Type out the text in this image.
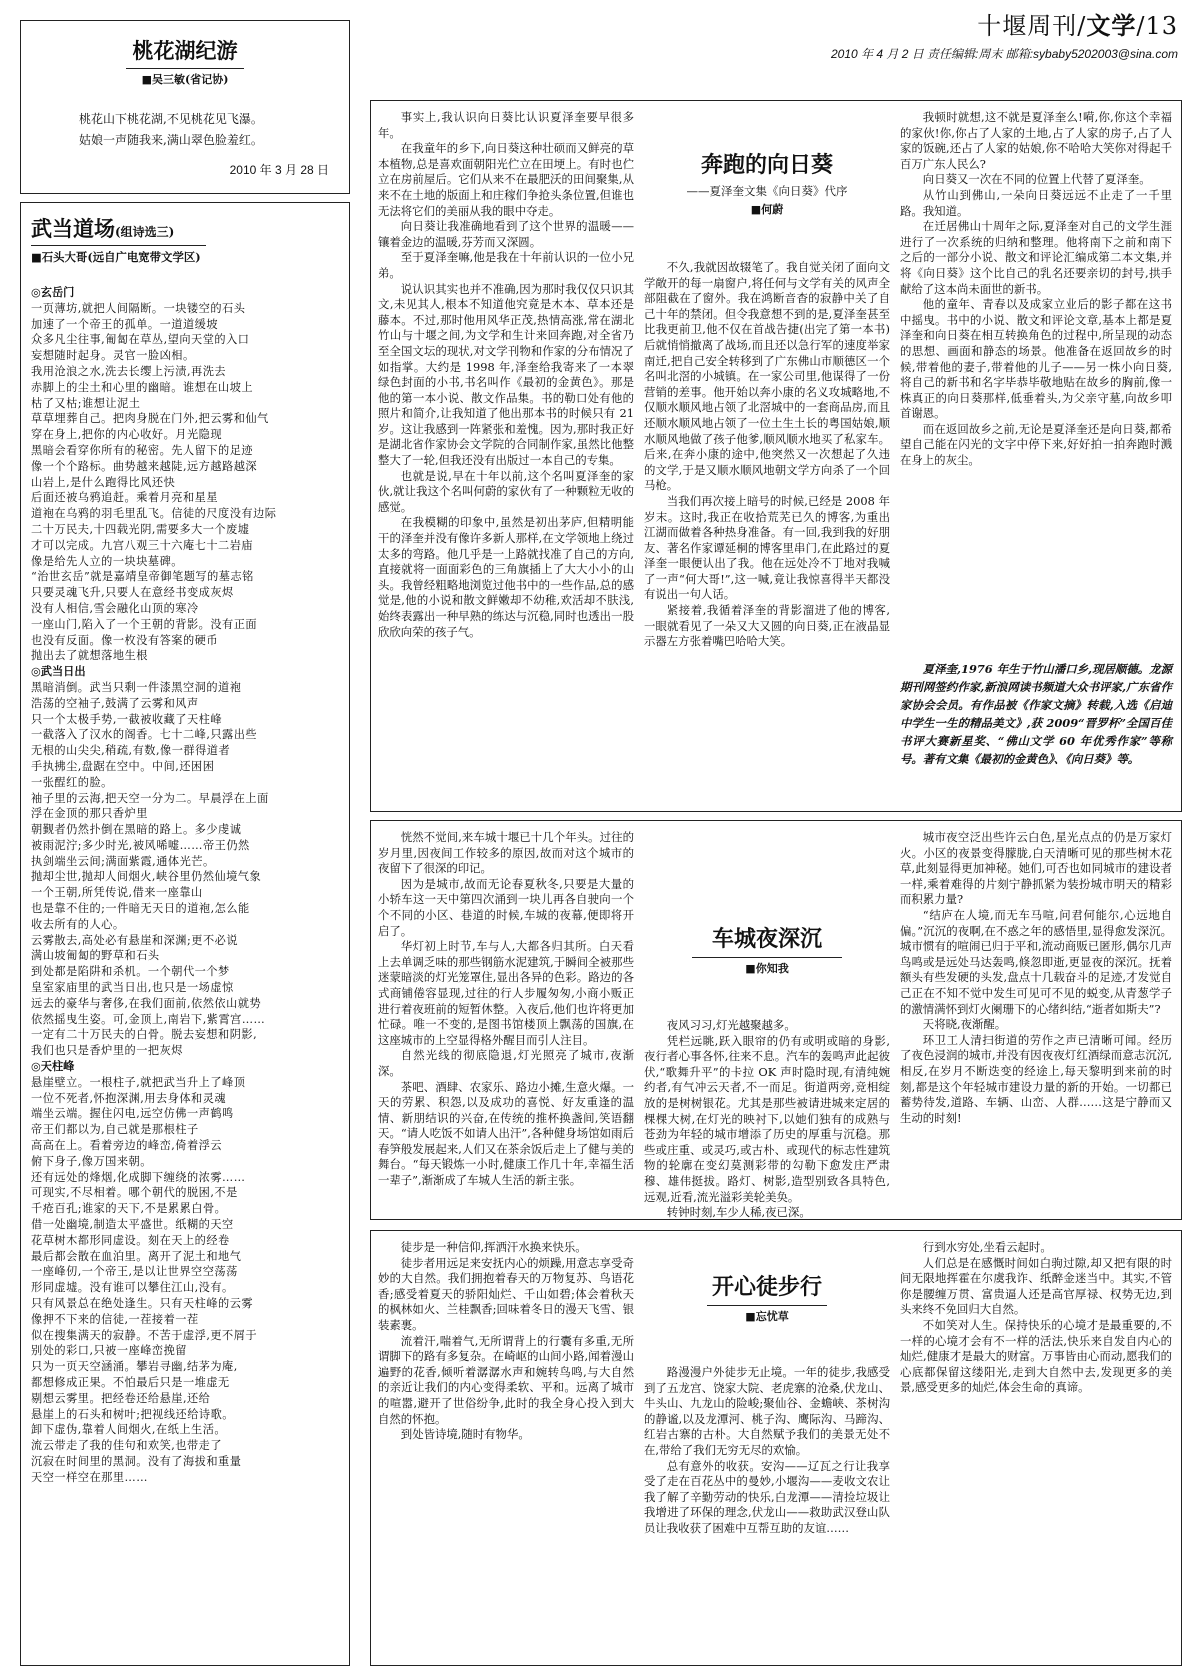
十堰周刊/文学/13
2010 年 4 月 2 日 责任编辑:周末 邮箱:sybaby5202003@sina.com
桃花湖纪游
■吴三敏(省记协)
桃花山下桃花湖,不见桃花见飞瀑。
姑娘一声随我来,满山翠色脸羞红。
2010 年 3 月 28 日
武当道场(组诗选三)
■石头大哥(远自广电宽带文学区)

◎玄岳门

一页薄坊,就把人间隔断。一块镂空的石头

加速了一个帝王的孤单。一道道缓坡

众多凡尘往事,匍匐在草丛,望向天堂的入口

妄想随时起身。灵官一脸凶相。

我用沧浪之水,洗去长缨上污渍,再洗去

赤脚上的尘土和心里的幽暗。谁想在山坡上

枯了又枯;谁想让泥土

草草埋葬自己。把肉身脱在门外,把云雾和仙气

穿在身上,把你的内心收好。月光隐现

黑暗会看穿你所有的秘密。先人留下的足迹

像一个个路标。曲势越来越陡,远方越路越深

山岩上,是什么跑得比风还快

后面还被乌鸦追赶。乘着月亮和星星

道袍在乌鸦的羽毛里乱飞。信徒的尺度没有边际

二十万民夫,十四载光阴,需要多大一个废墟

才可以完成。九宫八观三十六庵七十二岩庙

像是给先人立的一块块墓碑。

“治世玄岳”就是嘉靖皇帝御笔题写的墓志铭

只要灵魂飞升,只要人在意经书变成灰烬

没有人相信,雪会融化山顶的寒冷

一座山门,陷入了一个王朝的背影。没有正面

也没有反面。像一枚没有答案的硬币

抛出去了就想落地生根

◎武当日出

黑暗消倒。武当只剩一件漆黑空洞的道袍

浩荡的空袖子,鼓满了云雾和风声

只一个太极手势,一截被收藏了天柱峰

一截落入了汉水的阁香。七十二峰,只露出些

无根的山尖尖,稍疏,有数,像一群得道者

手执拂尘,盘踞在空中。中间,还困困

一张酲红的脸。

袖子里的云海,把天空一分为二。早晨浮在上面

浮在金顶的那只香炉里

朝觐者仍然扑倒在黑暗的路上。多少虔诚

被雨泥泞;多少时光,被风唏嘘……帝王仍然

执剑端坐云间;满面紫霞,通体光芒。

抛却尘世,抛却人间烟火,峡谷里仍然仙境气象

一个王朝,所凭传说,借来一座靠山

也是靠不住的;一件暗无天日的道袍,怎么能

收去所有的人心。

云雾散去,高处必有悬崖和深渊;更不必说

满山坡匍匐的野草和石头

到处都是陷阱和杀机。一个朝代一个梦

皇室家庙里的武当日出,也只是一场虚惊

远去的豪华与奢侈,在我们面前,依然依山就势

依然摇曳生姿。可,金顶上,南岩下,紫霄宫……

一定有二十万民夫的白骨。脱去妄想和阴影,

我们也只是香炉里的一把灰烬

◎天柱峰

悬崖壁立。一根柱子,就把武当升上了峰顶

一位不死者,怀抱深渊,用去身体和灵魂

端坐云端。握住闪电,远空仿佛一声鹤鸣

帝王们都以为,自己就是那根柱子

高高在上。看着旁边的峰峦,倚着浮云

俯下身子,像万国来朝。

还有远处的烽烟,化成脚下缠绕的浓雾……

可现实,不尽相着。哪个朝代的脱困,不是

千疮百孔;谁家的天下,不是累累白骨。

借一处幽境,制造太平盛世。纸糊的天空

花草树木都形同虚设。刻在天上的经卷

最后都会散在血泊里。离开了泥土和地气

一座峰仞,一个帝王,是以让世界空空荡荡

形同虚墟。没有谁可以攀住江山,没有。

只有风景总在绝处逢生。只有天柱峰的云雾

像押不下来的信徒,一茬接着一茬

似在搜集满天的寂静。不苦于虚浮,更不屑于

别处的彩口,只被一座峰峦挽留

只为一页天空涵涌。攀岩寻幽,结茅为庵,

都想修成正果。不怕最后只是一堆虚无

剔想云雾里。把经卷还给悬崖,还给

悬崖上的石头和树叶;把视线还给诗歌。

卸下虚伪,靠着人间烟火,在纸上生活。

流云带走了我的佳句和欢笑,也带走了

沉寂在时间里的黑洞。没有了海拔和重量

天空一样空在那里……

事实上,我认识向日葵比认识夏泽奎要早很多年。

在我童年的乡下,向日葵这种壮硕而又鲜亮的草本植物,总是喜欢面朝阳光伫立在田埂上。有时也伫立在房前屋后。它们从来不在最肥沃的田间聚集,从来不在土地的版面上和庄稼们争抢头条位置,但谁也无法将它们的美丽从我的眼中夺走。

向日葵让我准确地看到了这个世界的温暖——镶着金边的温暖,芬芳而又深圆。

至于夏泽奎嘛,他是我在十年前认识的一位小兄弟。

说认识其实也并不准确,因为那时我仅仅只识其文,未见其人,根本不知道他究竟是木本、草本还是藤本。不过,那时他用风华正茂,热情高涨,常在湖北竹山与十堰之间,为文学和生计来回奔跑,对全省乃至全国文坛的现状,对文学刊物和作家的分布情况了如指掌。大约是 1998 年,泽奎给我寄来了一本翠绿色封面的小书,书名叫作《最初的金黄色》。那是他的第一本小说、散文作品集。书的勒口处有他的照片和简介,让我知道了他出那本书的时候只有 21 岁。这让我感到一阵紧张和羞愧。因为,那时我正好是湖北省作家协会文学院的合同制作家,虽然比他整整大了一轮,但我还没有出版过一本自己的专集。

也就是说,早在十年以前,这个名叫夏泽奎的家伙,就让我这个名叫何蔚的家伙有了一种颗粒无收的感觉。

在我模糊的印象中,虽然是初出茅庐,但精明能干的泽奎并没有像许多新人那样,在文学领地上绕过太多的弯路。他几乎是一上路就找准了自己的方向,直接就将一面面彩色的三角旗插上了大大小小的山头。我曾经粗略地浏览过他书中的一些作品,总的感觉是,他的小说和散文鲜嫩却不幼稚,欢活却不肤浅,始终表露出一种早熟的练达与沉稳,同时也透出一股欣欣向荣的孩子气。

奔跑的向日葵
——夏泽奎文集《向日葵》代序
■何蔚

不久,我就因故辍笔了。我自觉关闭了面向文学敞开的每一扇窗户,将任何与文学有关的风声全部阻截在了窗外。我在鸿断音杳的寂静中关了自己十年的禁闭。但令我意想不到的是,夏泽奎甚至比我更前卫,他不仅在首战告捷(出完了第一本书)后就悄悄撤离了战场,而且还以急行军的速度举家南迁,把自己安全转移到了广东佛山市顺德区一个名叫北滘的小城镇。在一家公司里,他谋得了一份营销的差事。他开始以奔小康的名义攻城略地,不仅顺水顺风地占领了北滘城中的一套商品房,而且还顺水顺风地占领了一位土生土长的粤国姑娘,顺水顺风地做了孩子他爹,顺风顺水地买了私家车。后来,在奔小康的途中,他突然又一次想起了久违的文学,于是又顺水顺风地朝文学方向杀了一个回马枪。

当我们再次接上暗号的时候,已经是 2008 年岁末。这时,我正在收拾荒芜已久的博客,为重出江湖而做着各种热身准备。有一回,我到我的好朋友、著名作家谭延桐的博客里串门,在此路过的夏泽奎一眼便认出了我。他在远处冷不丁地对我喊了一声“何大哥!”,这一喊,竟让我惊喜得半天都没有说出一句人话。

紧接着,我循着泽奎的背影溜进了他的博客,一眼就看见了一朵又大又圆的向日葵,正在液晶显示器左方张着嘴巴哈哈大笑。

我顿时就想,这不就是夏泽奎么!嗬,你,你这个幸福的家伙!你,你占了人家的土地,占了人家的房子,占了人家的饭碗,还占了人家的姑娘,你不哈哈大笑你对得起千百万广东人民么?

向日葵又一次在不同的位置上代替了夏泽奎。

从竹山到佛山,一朵向日葵远远不止走了一千里路。我知道。

在迁居佛山十周年之际,夏泽奎对自己的文学生涯进行了一次系统的归纳和整理。他将南下之前和南下之后的一部分小说、散文和评论汇编成第二本文集,并将《向日葵》这个比自己的乳名还要亲切的封号,拱手献给了这本尚未面世的新书。

他的童年、青春以及成家立业后的影子都在这书中摇曳。书中的小说、散文和评论文章,基本上都是夏泽奎和向日葵在相互转换角色的过程中,所呈现的动态的思想、画面和静态的场景。他准备在返回故乡的时候,带着他的妻子,带着他的儿子——另一株小向日葵,将自己的新书和名字毕恭毕敬地贴在故乡的胸前,像一株真正的向日葵那样,低垂着头,为父亲守墓,向故乡叩首谢恩。

而在返回故乡之前,无论是夏泽奎还是向日葵,都希望自己能在闪光的文字中停下来,好好拍一拍奔跑时溅在身上的灰尘。

夏泽奎,1976 年生于竹山潘口乡,现居顺德。龙源期刊网签约作家,新浪网读书频道大众书评家,广东省作家协会会员。有作品被《作家文摘》转载,入选《启迪中学生一生的精品美文》,获 2009“晋罗杯”全国百佳书评大赛新星奖、“佛山文学 60 年优秀作家”等称号。著有文集《最初的金黄色》、《向日葵》等。

恍然不觉间,来车城十堰已十几个年头。过往的岁月里,因夜间工作较多的原因,故而对这个城市的夜留下了很深的印记。

因为是城市,故而无论春夏秋冬,只要是大量的小轿车这一天中第四次涌到一块儿再各自驶向一个个不同的小区、巷道的时候,车城的夜幕,便即将开启了。

华灯初上时节,车与人,大都各归其所。白天看上去单调乏味的那些钢筋水泥建筑,于瞬间全被那些迷蒙暗淡的灯光笼罩住,显出各异的色彩。路边的各式商铺倦容显现,过往的行人步履匆匆,小商小贩正进行着夜班前的短暂休整。入夜后,他们也许将更加忙碌。唯一不变的,是图书馆楼顶上飘荡的国旗,在这座城市的上空显得格外醒目而引人注目。

自然光线的彻底隐退,灯光照亮了城市,夜渐深。

茶吧、酒肆、农家乐、路边小摊,生意火爆。一天的劳累、积怨,以及成功的喜悦、好友重逢的温情、新朋结识的兴奋,在传统的推杯换盏间,笑语翻天。“请人吃饭不如请人出汗”,各种健身场馆如雨后春笋般发展起来,人们又在茶余饭后走上了健与美的舞台。“每天锻炼一小时,健康工作几十年,幸福生活一辈子”,渐渐成了车城人生活的新主张。

车城夜深沉
■你知我

夜风习习,灯光越聚越多。

凭栏远眺,跃入眼帘的仍有或明或暗的身影,夜行者心事各怀,往来不息。汽车的轰鸣声此起彼伏,“歌舞升平”的卡拉 OK 声时隐时现,有清纯婉约者,有气冲云天者,不一而足。街道两旁,竞相绽放的是树树银花。尤其是那些被请进城来定居的棵棵大树,在灯光的映衬下,以她们独有的成熟与苍劲为年轻的城市增添了历史的厚重与沉稳。那些或庄重、或灵巧,或古朴、或现代的标志性建筑物的轮廓在变幻莫测彩带的勾勒下愈发庄严肃穆、雄伟挺拔。路灯、树影,造型别致各具特色,远观,近看,流光溢彩美轮美奂。

转钟时刻,车少人稀,夜已深。

城市夜空泛出些许云白色,星光点点的仍是万家灯火。小区的夜景变得朦胧,白天清晰可见的那些树木花草,此刻显得更加神秘。她们,可否也如同城市的建设者一样,乘着难得的片刻宁静抓紧为装扮城市明天的精彩而积累力量?

“结庐在人境,而无车马喧,问君何能尔,心远地自偏。”沉沉的夜啊,在不惑之年的感悟里,显得愈发深沉。城市惯有的喧闹已归于平和,流动商贩已匿形,偶尔几声鸟鸣或是远处马达轰鸣,倏忽即逝,更显夜的深沉。抚着额头有些发硬的头发,盘点十几载奋斗的足迹,才发觉自己正在不知不觉中发生可见可不见的蜕变,从青葱学子的激情满怀到灯火阑珊下的心绪纠结,“逝者如斯夫”?

天将晓,夜渐醒。

环卫工人清扫街道的劳作之声已清晰可闻。经历了夜色浸润的城市,并没有因夜夜灯红酒绿而意志沉沉,相反,在岁月不断迭变的经途上,每天黎明到来前的时刻,都是这个年轻城市建设力量的新的开始。一切都已蓄势待发,道路、车辆、山峦、人群……这是宁静而又生动的时刻!

徒步是一种信仰,挥洒汗水换来快乐。

徒步者用远足来安抚内心的烦躁,用意志享受奇妙的大自然。我们拥抱着春天的万物复苏、鸟语花香;感受着夏天的骄阳灿烂、千山如碧;体会着秋天的枫林如火、兰桂飘香;回味着冬日的漫天飞雪、银装素裹。

流着汗,喘着气,无所谓背上的行囊有多重,无所谓脚下的路有多复杂。在崎岖的山间小路,闻着漫山遍野的花香,倾听着潺潺水声和婉转鸟鸣,与大自然的亲近让我们的内心变得柔软、平和。远离了城市的喧嚣,避开了世俗纷争,此时的我全身心投入到大自然的怀抱。

到处皆诗境,随时有物华。

开心徒步行
■忘忧草

路漫漫户外徒步无止境。一年的徒步,我感受到了五龙宫、饶家大院、老虎寨的沧桑,伏龙山、牛头山、九龙山的险峻;聚仙谷、金蟾峡、茶树沟的静谧,以及龙潭河、桃子沟、鹰际沟、马蹄沟、红岩古寨的古朴。大自然赋予我们的美景无处不在,带给了我们无穷无尽的欢愉。

总有意外的收获。安沟——辽瓦之行让我享受了走在百花丛中的曼妙,小堰沟——麦收文农让我了解了辛勤劳动的快乐,白龙潭——清捡垃圾让我增进了环保的理念,伏龙山——救助武汉登山队员让我收获了困难中互帮互助的友谊……

行到水穷处,坐看云起时。

人们总是在感慨时间如白驹过隙,却又把有限的时间无限地挥霍在尔虞我诈、纸醉金迷当中。其实,不管你是腰缠万贯、富贵逼人还是高官厚禄、权势无边,到头来终不免回归大自然。

不如笑对人生。保持快乐的心境才是最重要的,不一样的心境才会有不一样的活法,快乐来自发自内心的灿烂,健康才是最大的财富。万事皆由心而动,愿我们的心底都保留这缕阳光,走到大自然中去,发现更多的美景,感受更多的灿烂,体会生命的真谛。
